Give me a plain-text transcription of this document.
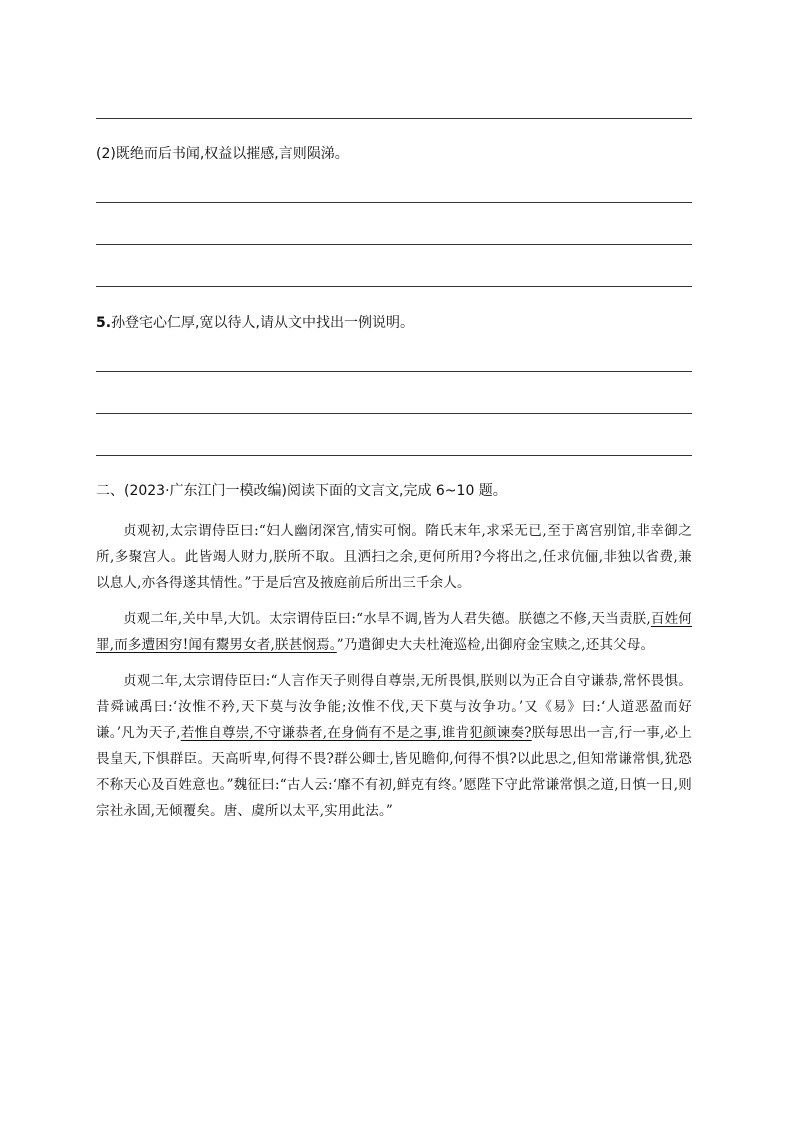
(2)既绝而后书闻,权益以摧感,言则陨涕。
5.孙登宅心仁厚,宽以待人,请从文中找出一例说明。
二、(2023·广东江门一模改编)阅读下面的文言文,完成 6~10 题。

贞观初,太宗谓侍臣曰:“妇人幽闭深宫,情实可悯。隋氏末年,求采无已,至于离宫别馆,非幸御之所,多聚宫人。此皆竭人财力,朕所不取。且洒扫之余,更何所用?今将出之,任求伉俪,非独以省费,兼以息人,亦各得遂其情性。”于是后宫及掖庭前后所出三千余人。

贞观二年,关中旱,大饥。太宗谓侍臣曰:“水旱不调,皆为人君失德。朕德之不修,天当责朕,百姓何罪,而多遭困穷!闻有鬻男女者,朕甚悯焉。”乃遣御史大夫杜淹巡检,出御府金宝赎之,还其父母。

贞观二年,太宗谓侍臣曰:“人言作天子则得自尊崇,无所畏惧,朕则以为正合自守谦恭,常怀畏惧。昔舜诫禹曰:‘汝惟不矜,天下莫与汝争能;汝惟不伐,天下莫与汝争功。’又《易》曰:‘人道恶盈而好谦。’凡为天子,若惟自尊崇,不守谦恭者,在身倘有不是之事,谁肯犯颜谏奏?朕每思出一言,行一事,必上畏皇天,下惧群臣。天高听卑,何得不畏?群公卿士,皆见瞻仰,何得不惧?以此思之,但知常谦常惧,犹恐不称天心及百姓意也。”魏征曰:“古人云:‘靡不有初,鲜克有终。’愿陛下守此常谦常惧之道,日慎一日,则宗社永固,无倾覆矣。唐、虞所以太平,实用此法。”
